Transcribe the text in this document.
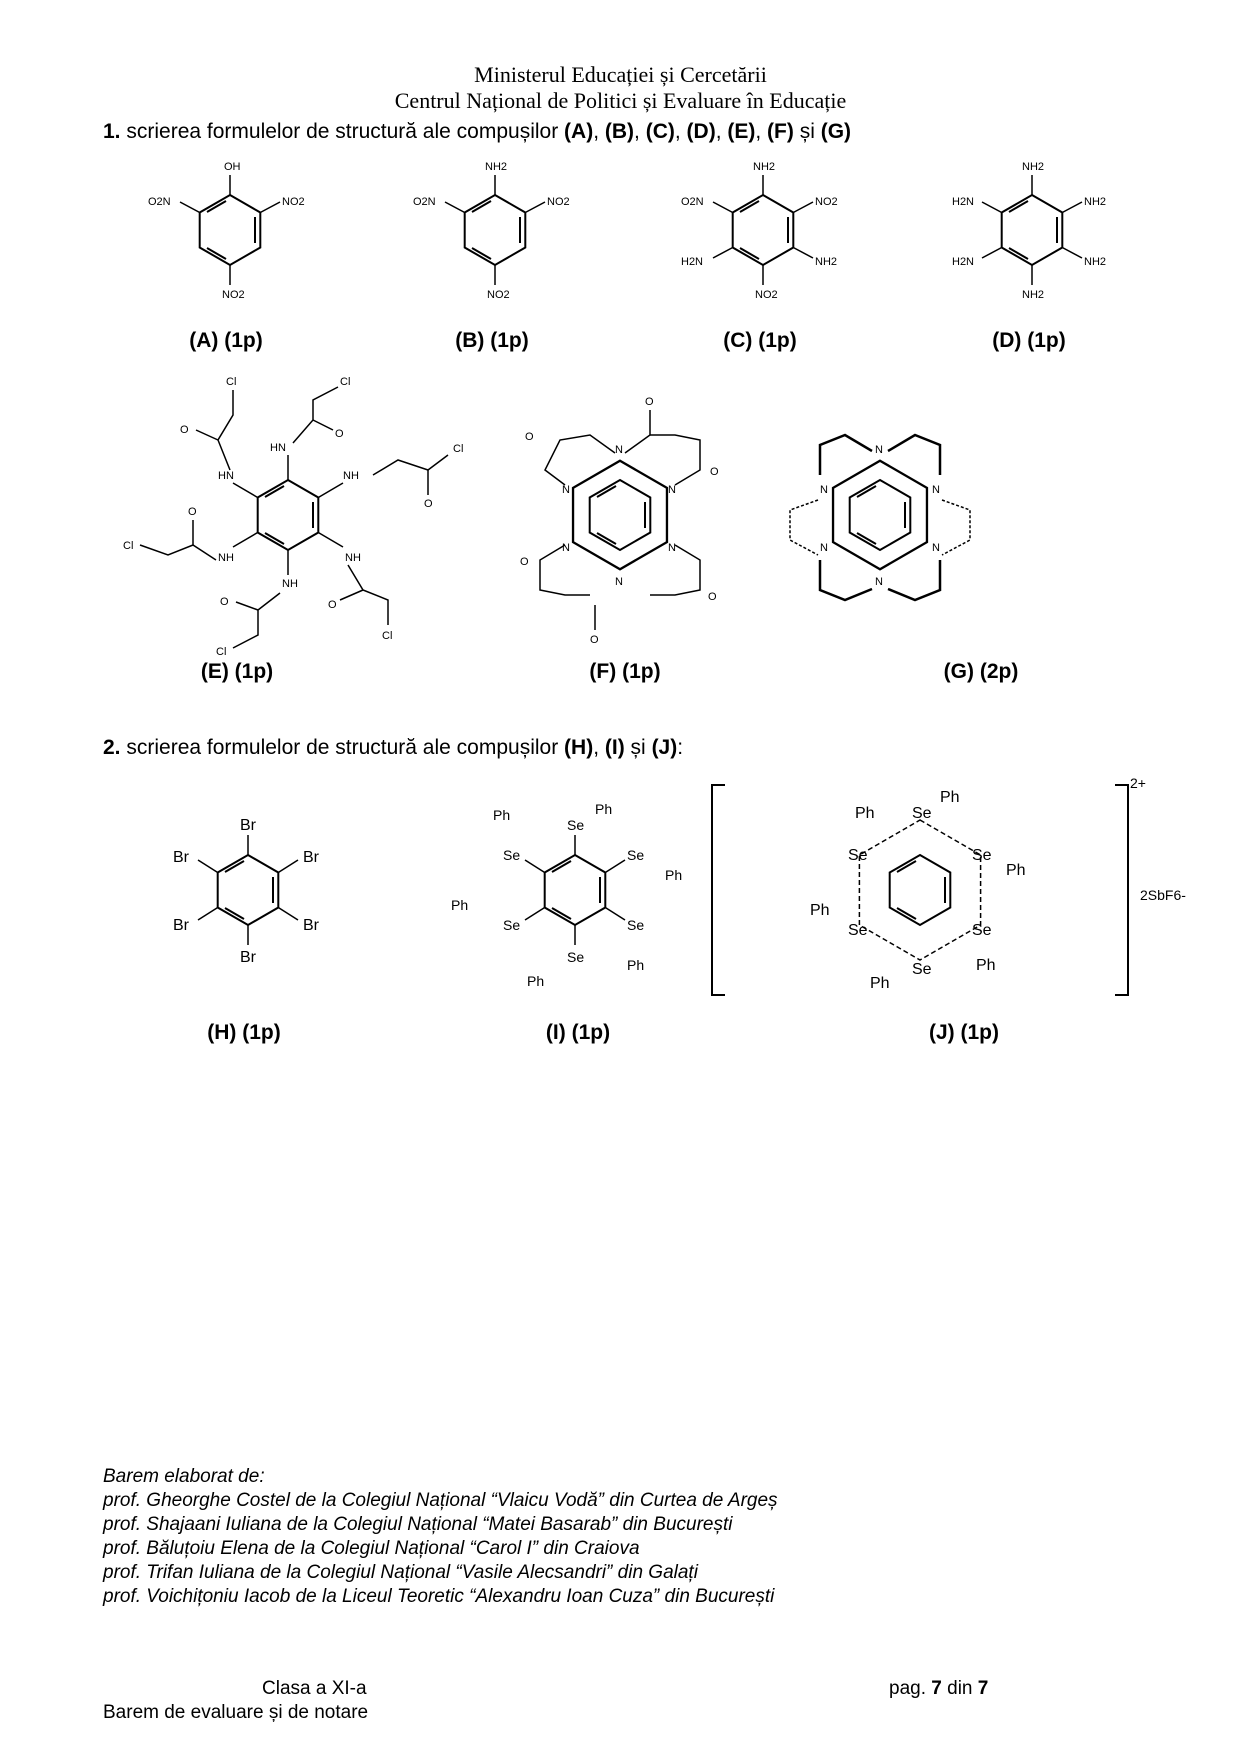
Ministerul Educației și Cercetării
Centrul Național de Politici și Evaluare în Educație
1. scrierea formulelor de structură ale compușilor (A), (B), (C), (D), (E), (F) și (G)
OH
O2N	NO2
NO2
NH2
O2N	NO2
NO2
NH2
O2N	NO2
H2N	NH2
NO2
NH2
H2N	NH2
H2N	NH2
NH2
(A) (1p)	(B) (1p)	(C) (1p)	(D) (1p)
HN
HN	NH
NH	NH
NH
O
Cl
O
Cl
O
Cl
O
Cl
O
Cl
O
Cl
N
N
N	N
N	N
O
O
O
O
O
O
N
N
N	N
N	N
(E) (1p)	(F) (1p)	(G) (2p)
2. scrierea formulelor de structură ale compușilor (H), (I) și (J):
Br
Br	Br
Br	Br
Br
Se
Ph
Se
Ph
Se
Ph
Se
Ph
Se
Ph
Se
Ph
Se
Ph
Se
Ph
Se
Ph
Se
Ph
Se
Ph
Se
Ph
2+
2SbF6-
(H) (1p)	(I) (1p)	(J) (1p)
Barem elaborat de:
prof. Gheorghe Costel de la Colegiul Național “Vlaicu Vodă” din Curtea de Argeș
prof. Shajaani Iuliana de la Colegiul Național “Matei Basarab” din București
prof. Băluțoiu Elena de la Colegiul Național “Carol I” din Craiova
prof. Trifan Iuliana de la Colegiul Național “Vasile Alecsandri” din Galați
prof. Voichițoniu Iacob de la Liceul Teoretic “Alexandru Ioan Cuza” din București
Clasa a XI-a
Barem de evaluare și de notare
pag. 7 din 7
